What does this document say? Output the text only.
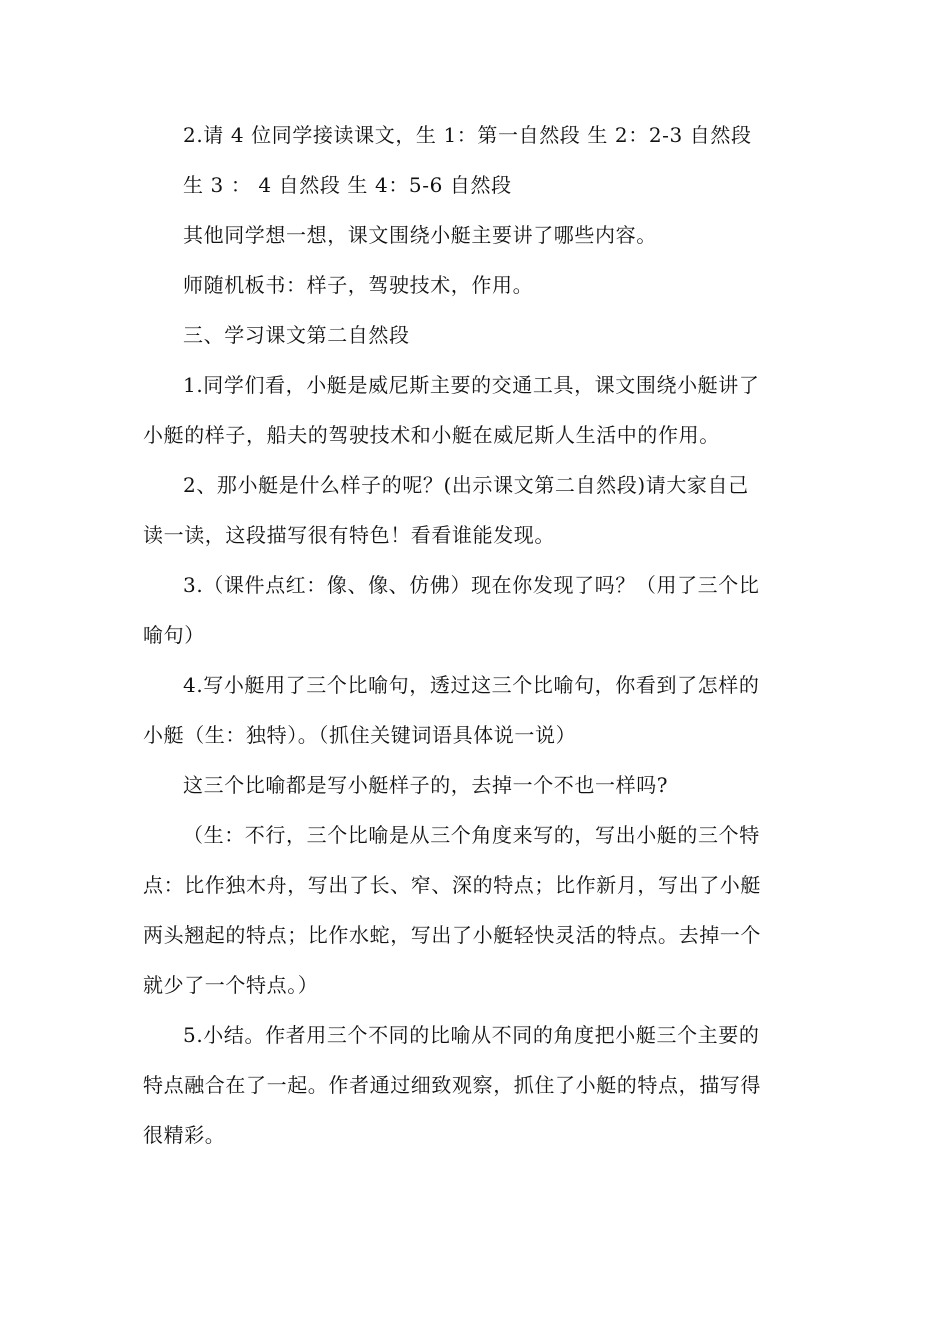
2.请 4 位同学接读课文，生 1：第一自然段 生 2：2-3 自然段
生 3 ： 4 自然段 生 4：5-6 自然段
其他同学想一想，课文围绕小艇主要讲了哪些内容。
师随机板书：样子，驾驶技术，作用。
三、学习课文第二自然段
1.同学们看，小艇是威尼斯主要的交通工具，课文围绕小艇讲了
小艇的样子，船夫的驾驶技术和小艇在威尼斯人生活中的作用。
2、那小艇是什么样子的呢？(出示课文第二自然段)请大家自己
读一读，这段描写很有特色！看看谁能发现。
3.（课件点红：像、像、仿佛）现在你发现了吗？（用了三个比
喻句）
4.写小艇用了三个比喻句，透过这三个比喻句，你看到了怎样的
小艇（生：独特）。（抓住关键词语具体说一说）
这三个比喻都是写小艇样子的，去掉一个不也一样吗?
（生：不行，三个比喻是从三个角度来写的，写出小艇的三个特
点：比作独木舟，写出了长、窄、深的特点；比作新月，写出了小艇
两头翘起的特点；比作水蛇，写出了小艇轻快灵活的特点。去掉一个
就少了一个特点。）
5.小结。作者用三个不同的比喻从不同的角度把小艇三个主要的
特点融合在了一起。作者通过细致观察，抓住了小艇的特点，描写得
很精彩。
